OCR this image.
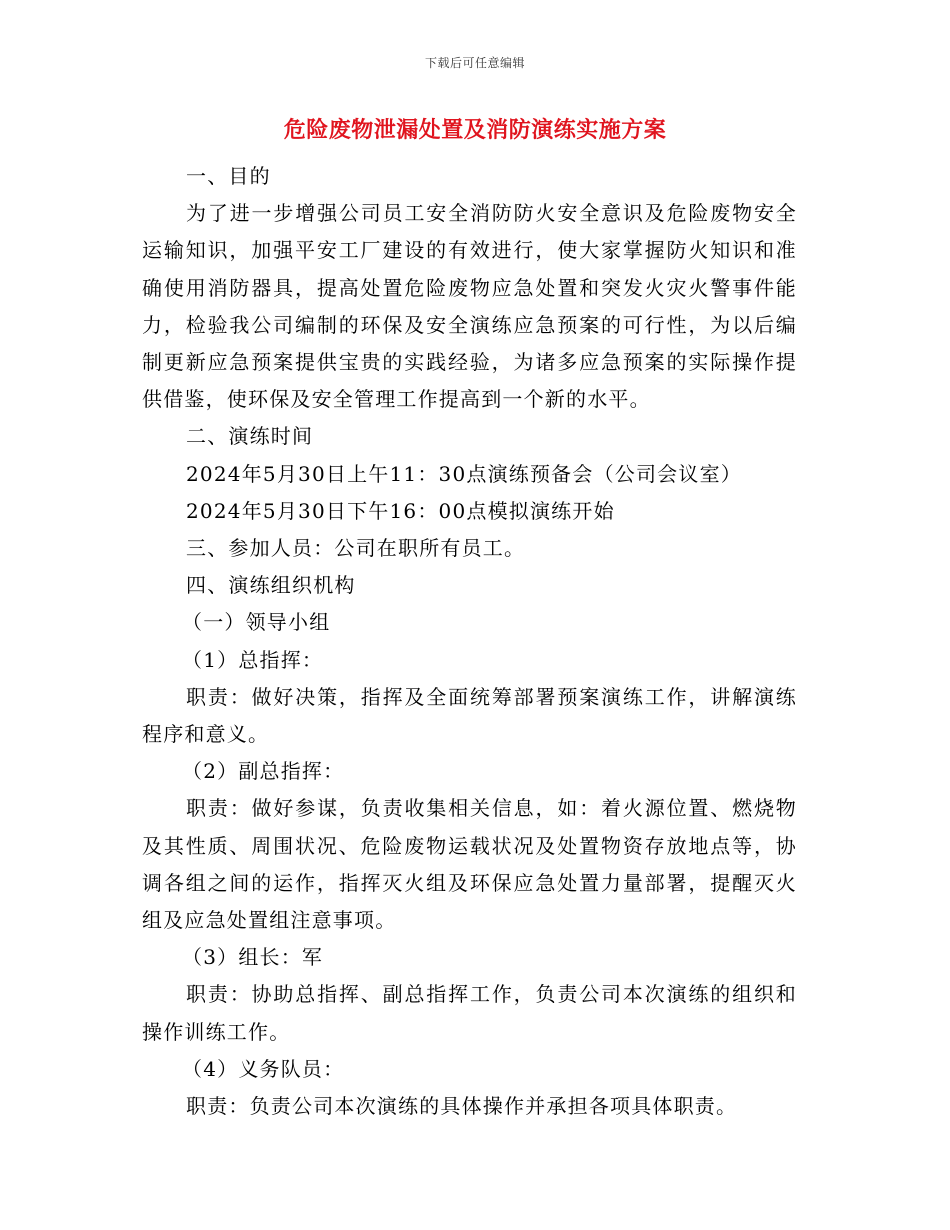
下载后可任意编辑
危险废物泄漏处置及消防演练实施方案

一、目的

为了进一步增强公司员工安全消防防火安全意识及危险废物安全运输知识，加强平安工厂建设的有效进行，使大家掌握防火知识和准确使用消防器具，提高处置危险废物应急处置和突发火灾火警事件能力，检验我公司编制的环保及安全演练应急预案的可行性，为以后编制更新应急预案提供宝贵的实践经验，为诸多应急预案的实际操作提供借鉴，使环保及安全管理工作提高到一个新的水平。

二、演练时间

2024年5月30日上午11：30点演练预备会（公司会议室）

2024年5月30日下午16：00点模拟演练开始

三、参加人员：公司在职所有员工。

四、演练组织机构

（一）领导小组

（1）总指挥：

职责：做好决策，指挥及全面统筹部署预案演练工作，讲解演练程序和意义。

（2）副总指挥：

职责：做好参谋，负责收集相关信息，如：着火源位置、燃烧物及其性质、周围状况、危险废物运载状况及处置物资存放地点等，协调各组之间的运作，指挥灭火组及环保应急处置力量部署，提醒灭火组及应急处置组注意事项。

（3）组长：军

职责：协助总指挥、副总指挥工作，负责公司本次演练的组织和操作训练工作。

（4）义务队员：

职责：负责公司本次演练的具体操作并承担各项具体职责。
